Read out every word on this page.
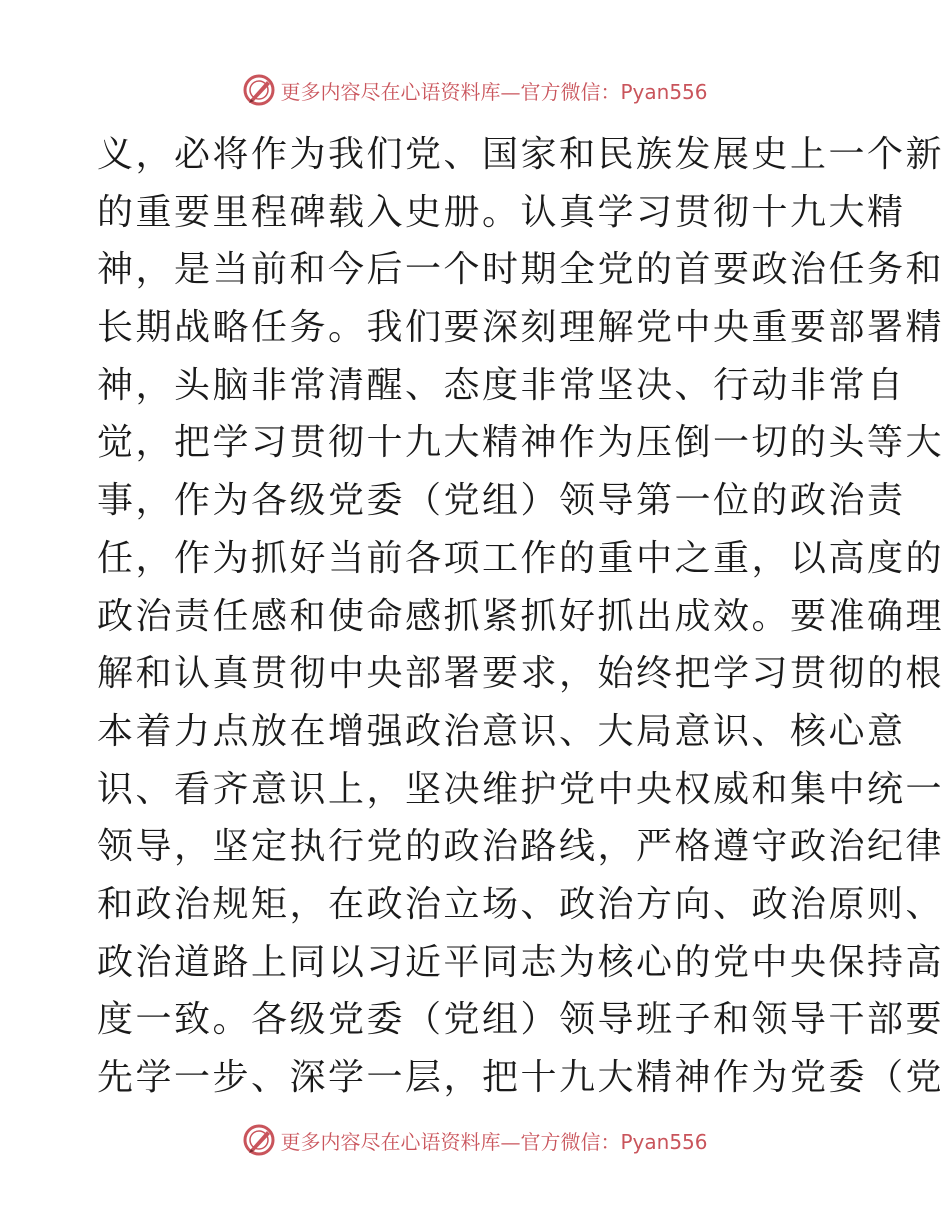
更多内容尽在心语资料库—官方微信：Pyan556
义，必将作为我们党、国家和民族发展史上一个新
的重要里程碑载入史册。认真学习贯彻十九大精
神，是当前和今后一个时期全党的首要政治任务和
长期战略任务。我们要深刻理解党中央重要部署精
神，头脑非常清醒、态度非常坚决、行动非常自
觉，把学习贯彻十九大精神作为压倒一切的头等大
事，作为各级党委（党组）领导第一位的政治责
任，作为抓好当前各项工作的重中之重，以高度的
政治责任感和使命感抓紧抓好抓出成效。要准确理
解和认真贯彻中央部署要求，始终把学习贯彻的根
本着力点放在增强政治意识、大局意识、核心意
识、看齐意识上，坚决维护党中央权威和集中统一
领导，坚定执行党的政治路线，严格遵守政治纪律
和政治规矩，在政治立场、政治方向、政治原则、
政治道路上同以习近平同志为核心的党中央保持高
度一致。各级党委（党组）领导班子和领导干部要
先学一步、深学一层，把十九大精神作为党委（党
更多内容尽在心语资料库—官方微信：Pyan556
